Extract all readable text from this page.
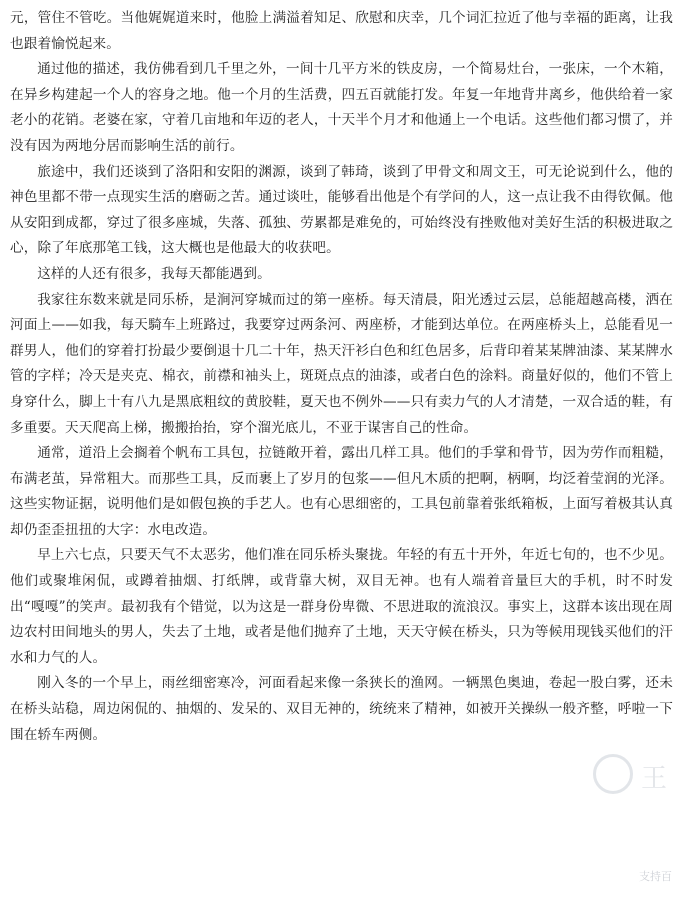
元，管住不管吃。当他娓娓道来时，他脸上满溢着知足、欣慰和庆幸，几个词汇拉近了他与幸福的距离，让我也跟着愉悦起来。

通过他的描述，我仿佛看到几千里之外，一间十几平方米的铁皮房，一个简易灶台，一张床，一个木箱，在异乡构建起一个人的容身之地。他一个月的生活费，四五百就能打发。年复一年地背井离乡，他供给着一家老小的花销。老婆在家，守着几亩地和年迈的老人，十天半个月才和他通上一个电话。这些他们都习惯了，并没有因为两地分居而影响生活的前行。

旅途中，我们还谈到了洛阳和安阳的渊源，谈到了韩琦，谈到了甲骨文和周文王，可无论说到什么，他的神色里都不带一点现实生活的磨砺之苦。通过谈吐，能够看出他是个有学问的人，这一点让我不由得钦佩。他从安阳到成都，穿过了很多座城，失落、孤独、劳累都是难免的，可始终没有挫败他对美好生活的积极进取之心，除了年底那笔工钱，这大概也是他最大的收获吧。

这样的人还有很多，我每天都能遇到。

我家往东数来就是同乐桥，是涧河穿城而过的第一座桥。每天清晨，阳光透过云层，总能超越高楼，洒在河面上——如我，每天騎车上班路过，我要穿过两条河、两座桥，才能到达单位。在两座桥头上，总能看见一群男人，他们的穿着打扮最少要倒退十几二十年，热天汗衫白色和红色居多，后背印着某某牌油漆、某某牌水管的字样；冷天是夹克、棉衣，前襟和袖头上，斑斑点点的油漆，或者白色的涂料。商量好似的，他们不管上身穿什么，脚上十有八九是黑底粗纹的黄胶鞋，夏天也不例外——只有卖力气的人才清楚，一双合适的鞋，有多重要。天天爬高上梯，搬搬抬抬，穿个溜光底儿，不亚于谋害自己的性命。

通常，道沿上会搁着个帆布工具包，拉链敞开着，露出几样工具。他们的手掌和骨节，因为劳作而粗糙，布满老茧，异常粗大。而那些工具，反而裹上了岁月的包浆——但凡木质的把啊，柄啊，均泛着莹润的光泽。这些实物证据，说明他们是如假包换的手艺人。也有心思细密的，工具包前靠着张纸箱板，上面写着极其认真却仍歪歪扭扭的大字：水电改造。

早上六七点，只要天气不太恶劣，他们准在同乐桥头聚拢。年轻的有五十开外，年近七旬的，也不少见。他们或聚堆闲侃，或蹲着抽烟、打纸牌，或背靠大树，双目无神。也有人端着音量巨大的手机，时不时发出“嘎嘎”的笑声。最初我有个错觉，以为这是一群身份卑微、不思进取的流浪汉。事实上，这群本该出现在周边农村田间地头的男人，失去了土地，或者是他们抛弃了土地，天天守候在桥头，只为等候用现钱买他们的汗水和力气的人。

刚入冬的一个早上，雨丝细密寒冷，河面看起来像一条狭长的渔网。一辆黑色奥迪，卷起一股白雾，还未在桥头站稳，周边闲侃的、抽烟的、发呆的、双目无神的，统统来了精神，如被开关操纵一般齐整，呼啦一下围在轿车两侧。

王
支持百
